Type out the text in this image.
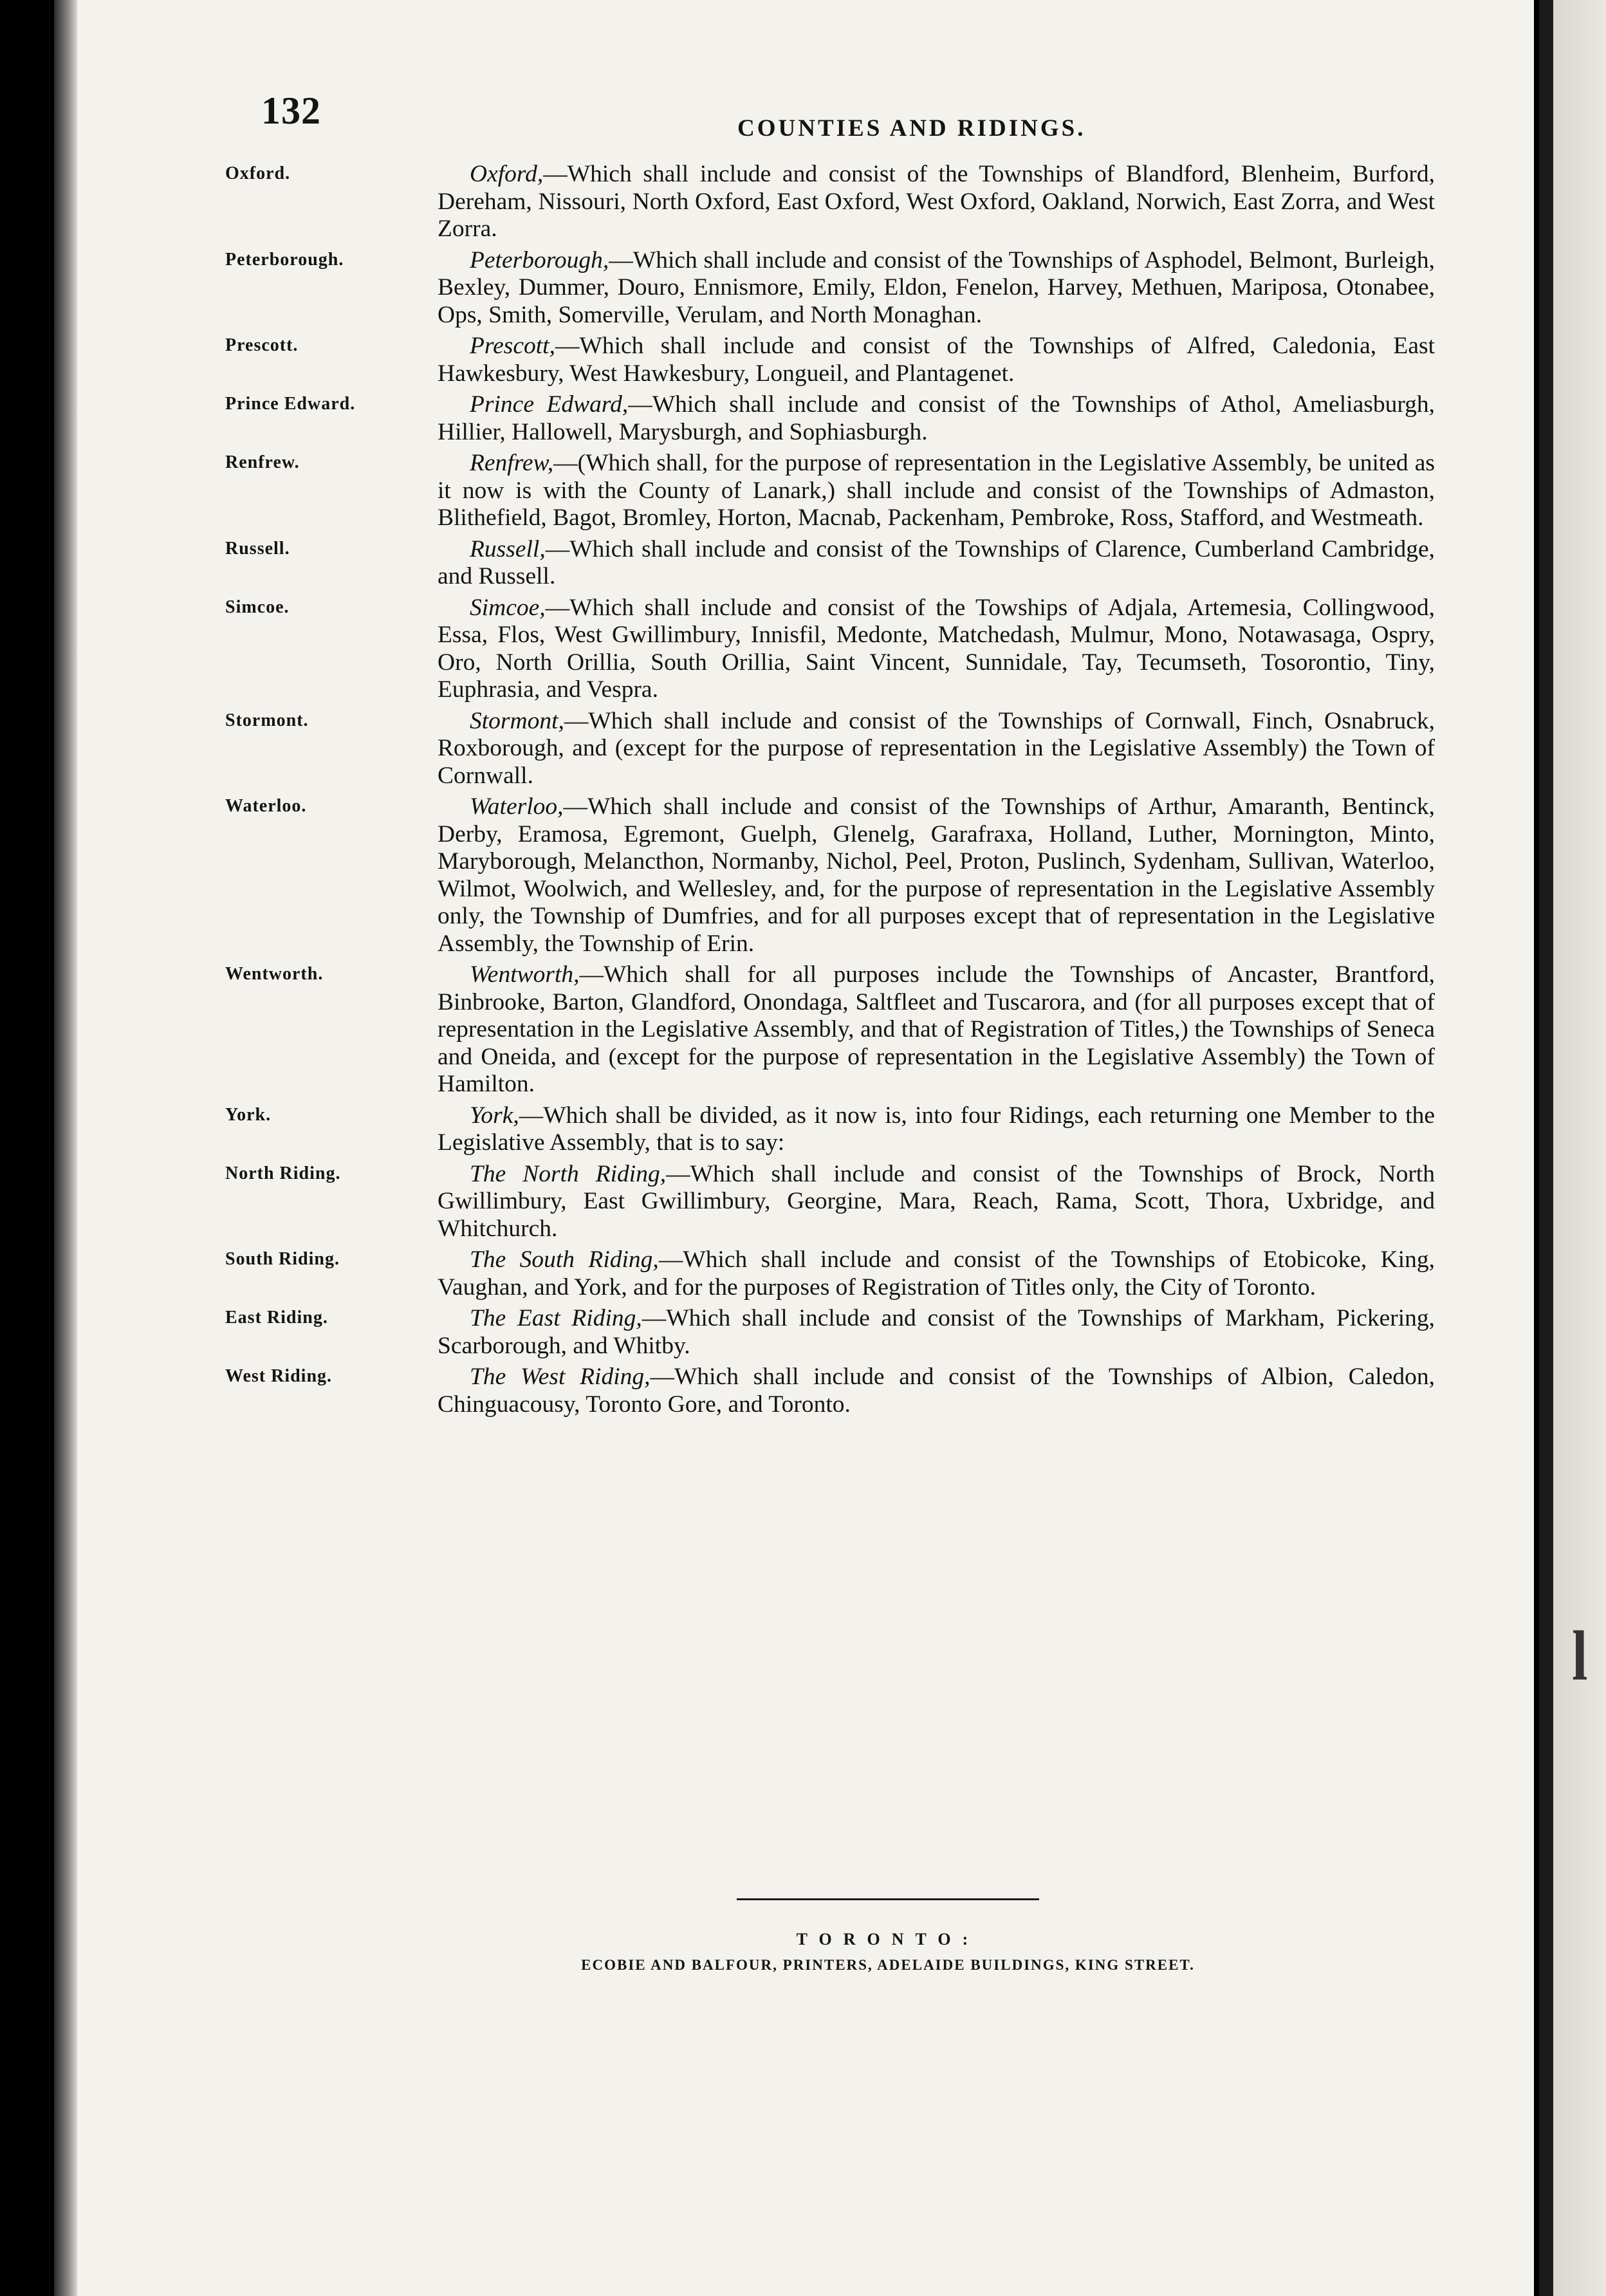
l
132	COUNTIES AND RIDINGS.
Oxford.	Oxford,—Which shall include and consist of the Townships of Blandford, Blenheim, Burford, Dereham, Nissouri, North Oxford, East Oxford, West Oxford, Oakland, Norwich, East Zorra, and West Zorra.
Peterborough.	Peterborough,—Which shall include and consist of the Townships of Asphodel, Belmont, Burleigh, Bexley, Dummer, Douro, Ennismore, Emily, Eldon, Fenelon, Harvey, Methuen, Mariposa, Otonabee, Ops, Smith, Somerville, Verulam, and North Monaghan.
Prescott.	Prescott,—Which shall include and consist of the Townships of Alfred, Caledonia, East Hawkesbury, West Hawkesbury, Longueil, and Plantagenet.
Prince Edward.	Prince Edward,—Which shall include and consist of the Townships of Athol, Ameliasburgh, Hillier, Hallowell, Marysburgh, and Sophiasburgh.
Renfrew.	Renfrew,—(Which shall, for the purpose of representation in the Legislative Assembly, be united as it now is with the County of Lanark,) shall include and consist of the Townships of Admaston, Blithefield, Bagot, Bromley, Horton, Macnab, Packenham, Pembroke, Ross, Stafford, and Westmeath.
Russell.	Russell,—Which shall include and consist of the Townships of Clarence, Cumberland Cambridge, and Russell.
Simcoe.	Simcoe,—Which shall include and consist of the Towships of Adjala, Artemesia, Collingwood, Essa, Flos, West Gwillimbury, Innisfil, Medonte, Matchedash, Mulmur, Mono, Notawasaga, Ospry, Oro, North Orillia, South Orillia, Saint Vincent, Sunnidale, Tay, Tecumseth, Tosorontio, Tiny, Euphrasia, and Vespra.
Stormont.	Stormont,—Which shall include and consist of the Townships of Cornwall, Finch, Osnabruck, Roxborough, and (except for the purpose of representation in the Legislative Assembly) the Town of Cornwall.
Waterloo.	Waterloo,—Which shall include and consist of the Townships of Arthur, Amaranth, Bentinck, Derby, Eramosa, Egremont, Guelph, Glenelg, Garafraxa, Holland, Luther, Mornington, Minto, Maryborough, Melancthon, Normanby, Nichol, Peel, Proton, Puslinch, Sydenham, Sullivan, Waterloo, Wilmot, Woolwich, and Wellesley, and, for the purpose of representation in the Legislative Assembly only, the Township of Dumfries, and for all purposes except that of representation in the Legislative Assembly, the Township of Erin.
Wentworth.	Wentworth,—Which shall for all purposes include the Townships of Ancaster, Brantford, Binbrooke, Barton, Glandford, Onondaga, Saltfleet and Tuscarora, and (for all purposes except that of representation in the Legislative Assembly, and that of Registration of Titles,) the Townships of Seneca and Oneida, and (except for the purpose of representation in the Legislative Assembly) the Town of Hamilton.
York.	York,—Which shall be divided, as it now is, into four Ridings, each returning one Member to the Legislative Assembly, that is to say:
North Riding.	The North Riding,—Which shall include and consist of the Townships of Brock, North Gwillimbury, East Gwillimbury, Georgine, Mara, Reach, Rama, Scott, Thora, Uxbridge, and Whitchurch.
South Riding.	The South Riding,—Which shall include and consist of the Townships of Etobicoke, King, Vaughan, and York, and for the purposes of Registration of Titles only, the City of Toronto.
East Riding.	The East Riding,—Which shall include and consist of the Townships of Markham, Pickering, Scarborough, and Whitby.
West Riding.	The West Riding,—Which shall include and consist of the Townships of Albion, Caledon, Chinguacousy, Toronto Gore, and Toronto.
TORONTO:
ECOBIE AND BALFOUR, PRINTERS, ADELAIDE BUILDINGS, KING STREET.
